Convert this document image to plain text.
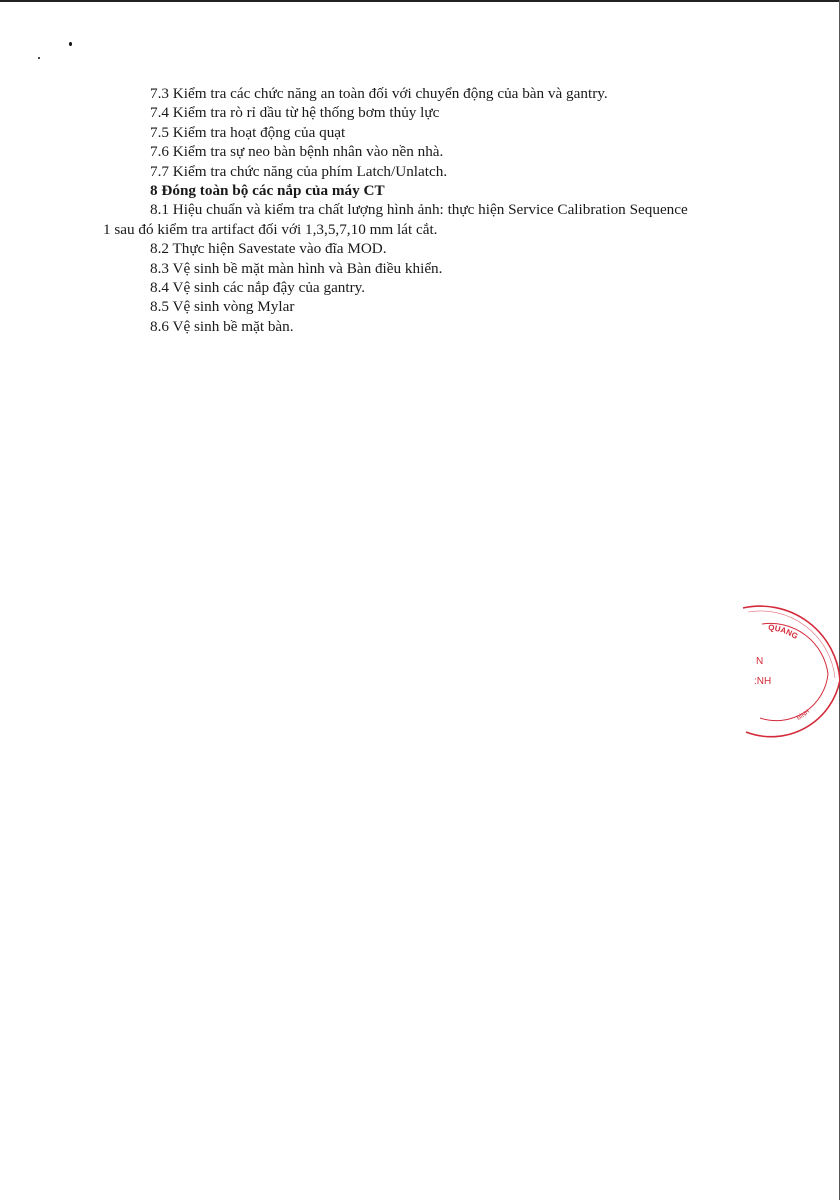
7.3 Kiểm tra các chức năng an toàn đối với chuyển động của bàn và gantry.
7.4 Kiểm tra rò rỉ dầu từ hệ thống bơm thủy lực
7.5 Kiểm tra hoạt động của quạt
7.6 Kiểm tra sự neo bàn bệnh nhân vào nền nhà.
7.7 Kiểm tra chức năng của phím Latch/Unlatch.
8 Đóng toàn bộ các nắp của máy CT
8.1 Hiệu chuẩn và kiểm tra chất lượng hình ảnh: thực hiện Service Calibration Sequence
1 sau đó kiểm tra artifact đối với 1,3,5,7,10 mm lát cắt.
8.2 Thực hiện Savestate vào đĩa MOD.
8.3 Vệ sinh bề mặt màn hình và Bàn điều khiển.
8.4 Vệ sinh các nắp đậy của gantry.
8.5 Vệ sinh vòng Mylar
8.6 Vệ sinh bề mặt bàn.
QUANG
N
:NH
BÌNH
